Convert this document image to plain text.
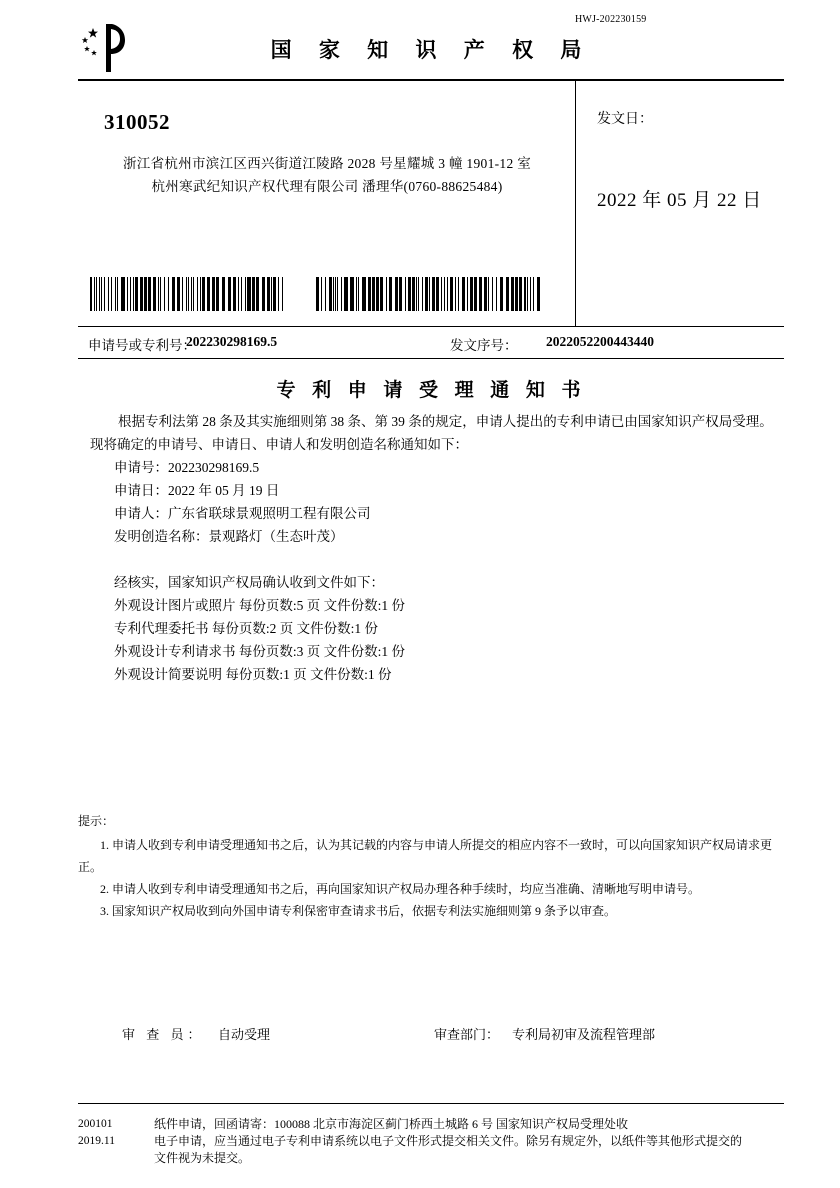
HWJ-202230159
国 家 知 识 产 权 局
310052
浙江省杭州市滨江区西兴街道江陵路 2028 号星耀城 3 幢 1901-12 室
杭州寒武纪知识产权代理有限公司 潘理华(0760-88625484)
发文日：
2022 年 05 月 22 日
申请号或专利号：
202230298169.5	发文序号： 2022052200443440
专 利 申 请 受 理 通 知 书
根据专利法第 28 条及其实施细则第 38 条、第 39 条的规定，申请人提出的专利申请已由国家知识产权局受理。现将确定的申请号、申请日、申请人和发明创造名称通知如下：
申请号：202230298169.5
申请日：2022 年 05 月 19 日
申请人：广东省联球景观照明工程有限公司
发明创造名称：景观路灯（生态叶茂）
经核实，国家知识产权局确认收到文件如下：
外观设计图片或照片 每份页数:5 页 文件份数:1 份
专利代理委托书 每份页数:2 页 文件份数:1 份
外观设计专利请求书 每份页数:3 页 文件份数:1 份
外观设计简要说明 每份页数:1 页 文件份数:1 份
提示：
1. 申请人收到专利申请受理通知书之后，认为其记载的内容与申请人所提交的相应内容不一致时，可以向国家知识产权局请求更正。
2. 申请人收到专利申请受理通知书之后，再向国家知识产权局办理各种手续时，均应当准确、清晰地写明申请号。
3. 国家知识产权局收到向外国申请专利保密审查请求书后，依据专利法实施细则第 9 条予以审查。
审 查 员： 自动受理	审查部门： 专利局初审及流程管理部
200101
2019.11
纸件申请，回函请寄：100088 北京市海淀区蓟门桥西土城路 6 号 国家知识产权局受理处收
电子申请，应当通过电子专利申请系统以电子文件形式提交相关文件。除另有规定外，以纸件等其他形式提交的
文件视为未提交。
